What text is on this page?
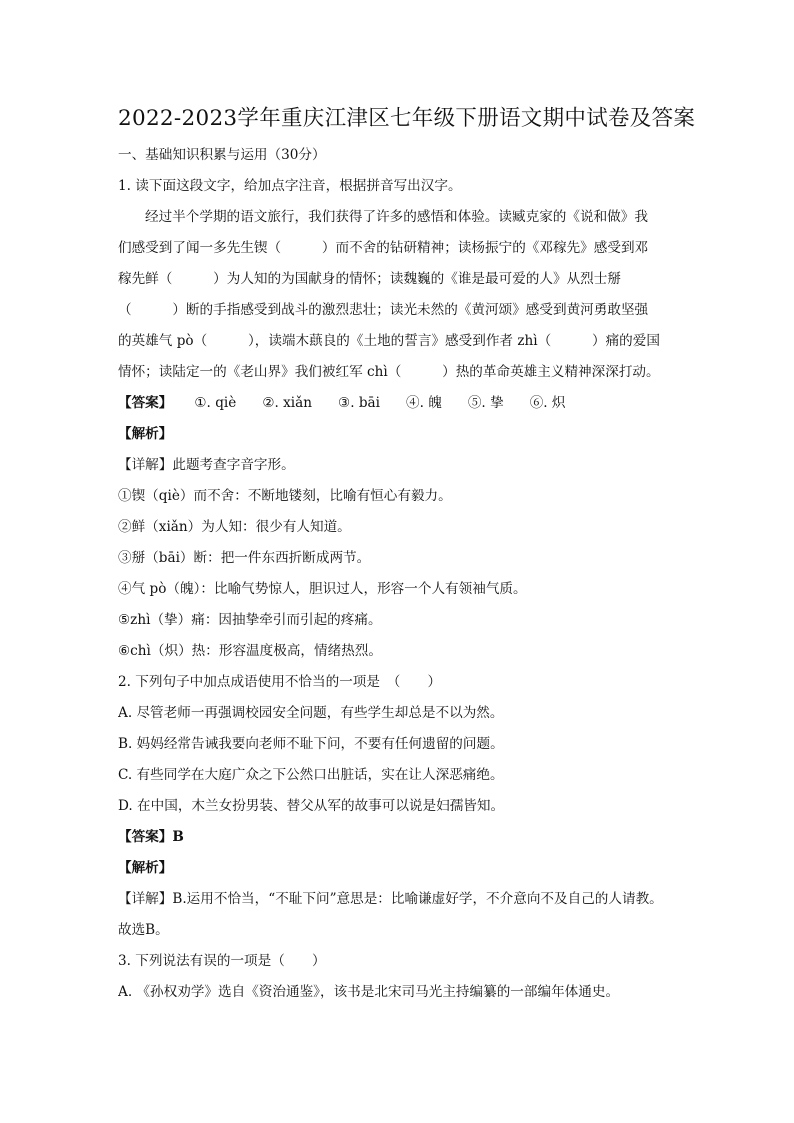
2022-2023学年重庆江津区七年级下册语文期中试卷及答案
一、基础知识积累与运用（30分）
1. 读下面这段文字，给加点字注音，根据拼音写出汉字。
经过半个学期的语文旅行，我们获得了许多的感悟和体验。读臧克家的《说和做》我
们感受到了闻一多先生锲（　　　）而不舍的钻研精神；读杨振宁的《邓稼先》感受到邓
稼先鲜（　　　）为人知的为国献身的情怀；读魏巍的《谁是最可爱的人》从烈士掰
（　　　）断的手指感受到战斗的激烈悲壮；读光未然的《黄河颂》感受到黄河勇敢坚强
的英雄气 pò（　　　），读端木蕻良的《土地的誓言》感受到作者 zhì（　　　）痛的爱国
情怀；读陆定一的《老山界》我们被红军 chì（　　　）热的革命英雄主义精神深深打动。
【答案】 ①. qiè ②. xiǎn ③. bāi ④. 魄 ⑤. 挚 ⑥. 炽
【解析】
【详解】此题考查字音字形。
①锲（qiè）而不舍：不断地镂刻，比喻有恒心有毅力。
②鲜（xiǎn）为人知：很少有人知道。
③掰（bāi）断：把一件东西折断成两节。
④气 pò（魄）：比喻气势惊人，胆识过人，形容一个人有领袖气质。
⑤zhì（挚）痛：因抽挚牵引而引起的疼痛。
⑥chì（炽）热：形容温度极高，情绪热烈。
2. 下列句子中加点成语使用不恰当的一项是　（　　）
A. 尽管老师一再强调校园安全问题，有些学生却总是不以为然。
B. 妈妈经常告诫我要向老师不耻下问，不要有任何遗留的问题。
C. 有些同学在大庭广众之下公然口出脏话，实在让人深恶痛绝。
D. 在中国，木兰女扮男装、替父从军的故事可以说是妇孺皆知。
【答案】B
【解析】
【详解】B.运用不恰当，“不耻下问”意思是：比喻谦虚好学，不介意向不及自己的人请教。
故选B。
3. 下列说法有误的一项是（　　）
A. 《孙权劝学》选自《资治通鉴》，该书是北宋司马光主持编纂的一部编年体通史。
